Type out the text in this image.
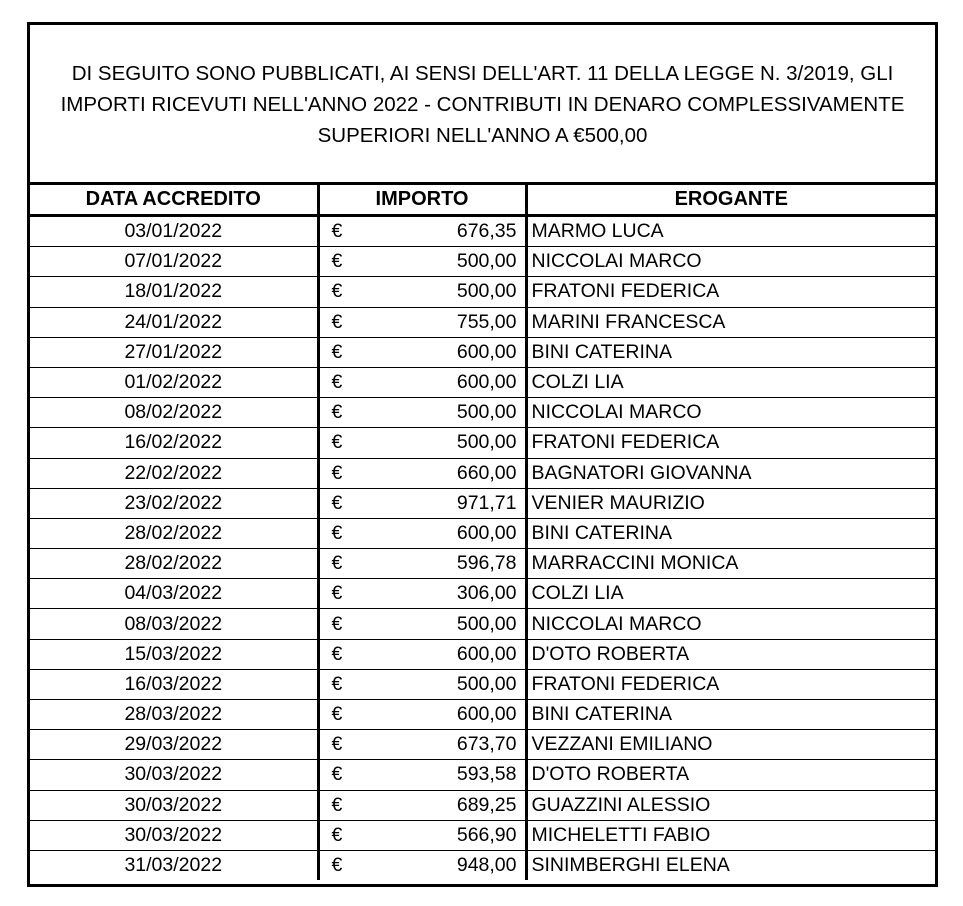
DI SEGUITO SONO PUBBLICATI, AI SENSI DELL'ART. 11 DELLA LEGGE N. 3/2019, GLI IMPORTI RICEVUTI NELL'ANNO 2022 - CONTRIBUTI IN DENARO COMPLESSIVAMENTE SUPERIORI NELL'ANNO A €500,00

DATA ACCREDITO	IMPORTO	EROGANTE
03/01/2022	€ 676,35	MARMO LUCA
07/01/2022	€ 500,00	NICCOLAI MARCO
18/01/2022	€ 500,00	FRATONI FEDERICA
24/01/2022	€ 755,00	MARINI FRANCESCA
27/01/2022	€ 600,00	BINI CATERINA
01/02/2022	€ 600,00	COLZI LIA
08/02/2022	€ 500,00	NICCOLAI MARCO
16/02/2022	€ 500,00	FRATONI FEDERICA
22/02/2022	€ 660,00	BAGNATORI GIOVANNA
23/02/2022	€ 971,71	VENIER MAURIZIO
28/02/2022	€ 600,00	BINI CATERINA
28/02/2022	€ 596,78	MARRACCINI MONICA
04/03/2022	€ 306,00	COLZI LIA
08/03/2022	€ 500,00	NICCOLAI MARCO
15/03/2022	€ 600,00	D'OTO ROBERTA
16/03/2022	€ 500,00	FRATONI FEDERICA
28/03/2022	€ 600,00	BINI CATERINA
29/03/2022	€ 673,70	VEZZANI EMILIANO
30/03/2022	€ 593,58	D'OTO ROBERTA
30/03/2022	€ 689,25	GUAZZINI ALESSIO
30/03/2022	€ 566,90	MICHELETTI FABIO
31/03/2022	€ 948,00	SINIMBERGHI ELENA
